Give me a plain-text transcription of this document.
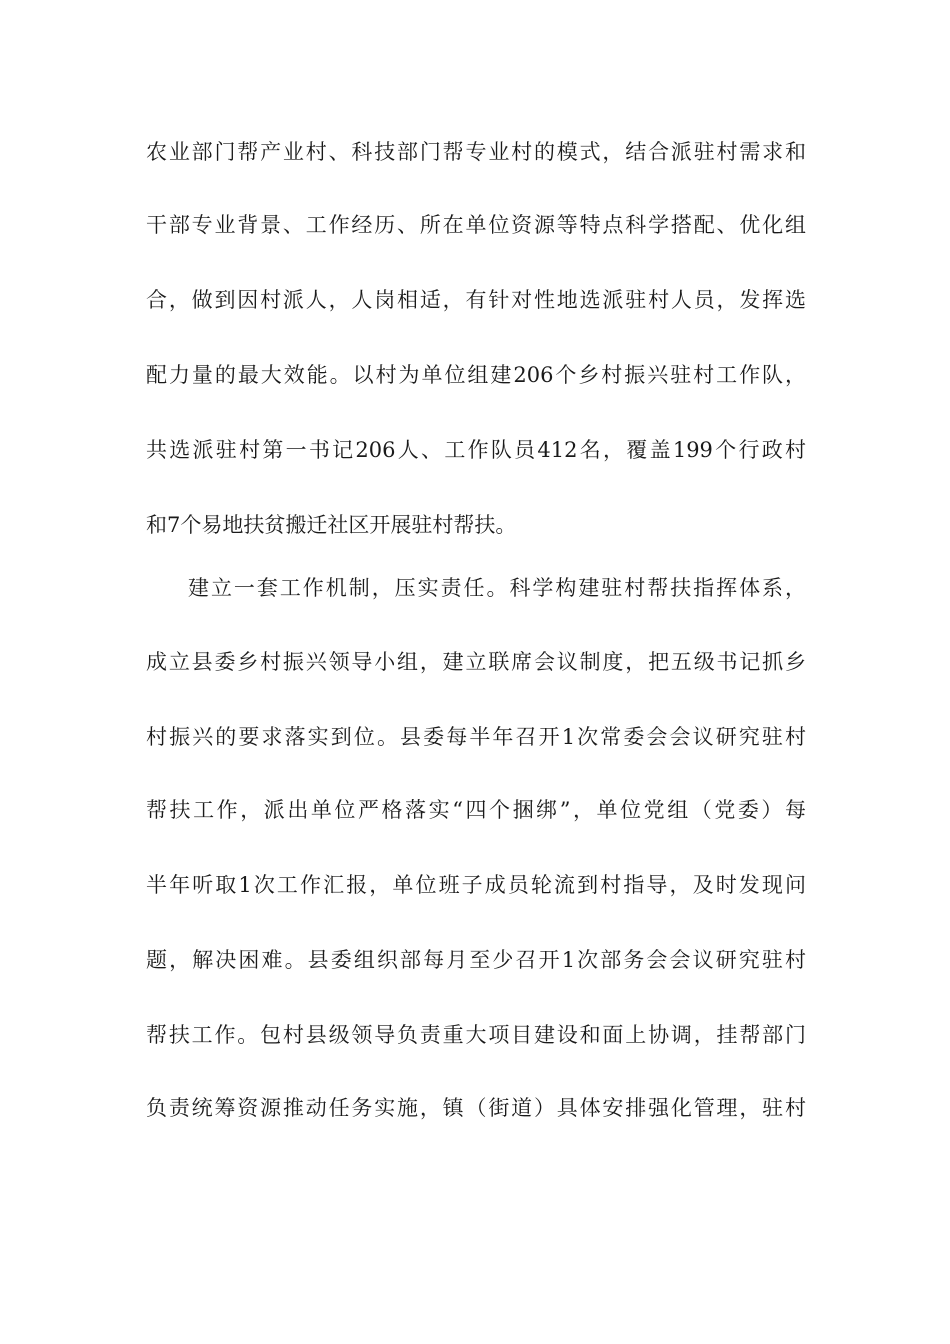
农业部门帮产业村、科技部门帮专业村的模式，结合派驻村需求和
干部专业背景、工作经历、所在单位资源等特点科学搭配、优化组
合，做到因村派人，人岗相适，有针对性地选派驻村人员，发挥选
配力量的最大效能。以村为单位组建206个乡村振兴驻村工作队，
共选派驻村第一书记206人、工作队员412名，覆盖199个行政村
和7个易地扶贫搬迁社区开展驻村帮扶。
建立一套工作机制，压实责任。科学构建驻村帮扶指挥体系，
成立县委乡村振兴领导小组，建立联席会议制度，把五级书记抓乡
村振兴的要求落实到位。县委每半年召开1次常委会会议研究驻村
帮扶工作，派出单位严格落实“四个捆绑”，单位党组（党委）每
半年听取1次工作汇报，单位班子成员轮流到村指导，及时发现问
题，解决困难。县委组织部每月至少召开1次部务会会议研究驻村
帮扶工作。包村县级领导负责重大项目建设和面上协调，挂帮部门
负责统筹资源推动任务实施，镇（街道）具体安排强化管理，驻村
